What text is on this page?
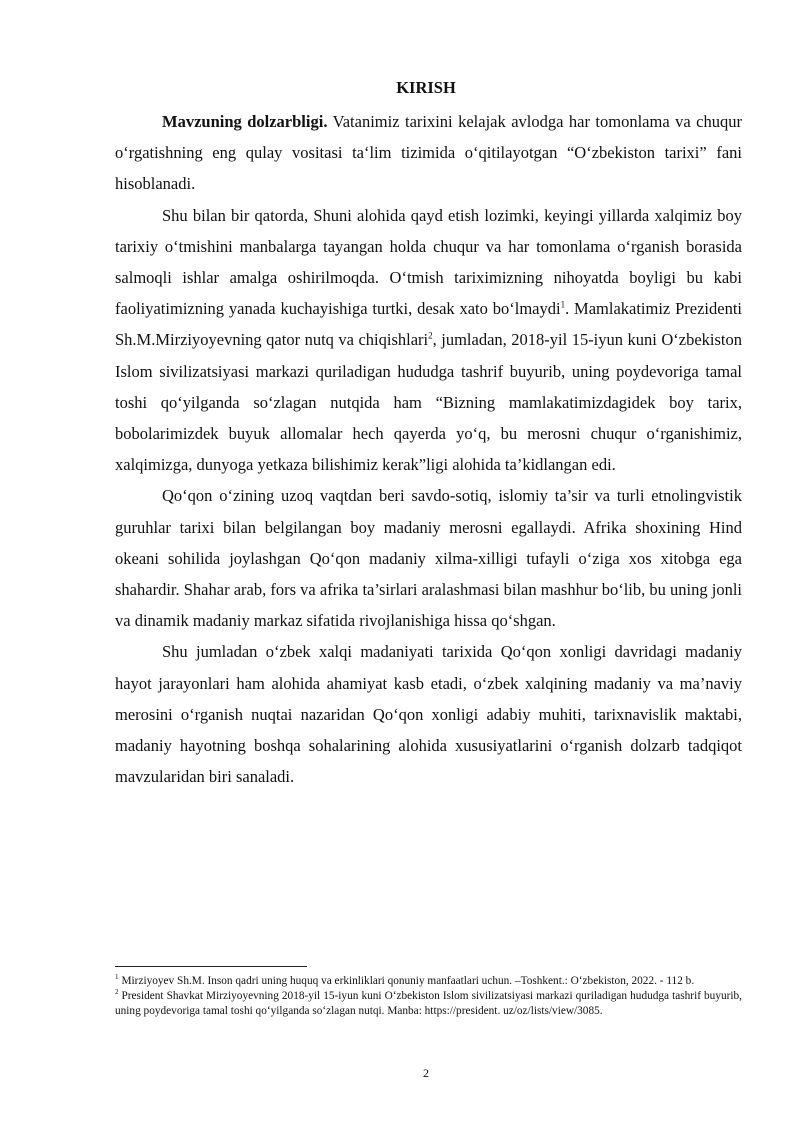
KIRISH

Mavzuning dolzarbligi. Vatanimiz tarixini kelajak avlodga har tomonlama va chuqur o‘rgatishning eng qulay vositasi ta‘lim tizimida o‘qitilayotgan “O‘zbekiston tarixi” fani hisoblanadi.

Shu bilan bir qatorda, Shuni alohida qayd etish lozimki, keyingi yillarda xalqimiz boy tarixiy o‘tmishini manbalarga tayangan holda chuqur va har tomonlama o‘rganish borasida salmoqli ishlar amalga oshirilmoqda. O‘tmish tariximizning nihoyatda boyligi bu kabi faoliyatimizning yanada kuchayishiga turtki, desak xato bo‘lmaydi$^1$. Mamlakatimiz Prezidenti Sh.M.Mirziyoyevning qator nutq va chiqishlari$^2$, jumladan, 2018-yil 15-iyun kuni O‘zbekiston Islom sivilizatsiyasi markazi quriladigan hududga tashrif buyurib, uning poydevoriga tamal toshi qo‘yilganda so‘zlagan nutqida ham “Bizning mamlakatimizdagidek boy tarix, bobolarimizdek buyuk allomalar hech qayerda yo‘q, bu merosni chuqur o‘rganishimiz, xalqimizga, dunyoga yetkaza bilishimiz kerak”ligi alohida ta’kidlangan edi.

Qo‘qon o‘zining uzoq vaqtdan beri savdo-sotiq, islomiy ta’sir va turli etnolingvistik guruhlar tarixi bilan belgilangan boy madaniy merosni egallaydi. Afrika shoxining Hind okeani sohilida joylashgan Qo‘qon madaniy xilma-xilligi tufayli o‘ziga xos xitobga ega shahardir. Shahar arab, fors va afrika ta’sirlari aralashmasi bilan mashhur bo‘lib, bu uning jonli va dinamik madaniy markaz sifatida rivojlanishiga hissa qo‘shgan.

Shu jumladan o‘zbek xalqi madaniyati tarixida Qo‘qon xonligi davridagi madaniy hayot jarayonlari ham alohida ahamiyat kasb etadi, o‘zbek xalqining madaniy va ma’naviy merosini o‘rganish nuqtai nazaridan Qo‘qon xonligi adabiy muhiti, tarixnavislik maktabi, madaniy hayotning boshqa sohalarining alohida xususiyatlarini o‘rganish dolzarb tadqiqot mavzularidan biri sanaladi.

$^1$ Mirziyoyev Sh.M. Inson qadri uning huquq va erkinliklari qonuniy manfaatlari uchun. –Toshkent.: O‘zbekiston, 2022. - 112 b.

$^2$ President Shavkat Mirziyoyevning 2018-yil 15-iyun kuni O‘zbekiston Islom sivilizatsiyasi markazi quriladigan hududga tashrif buyurib, uning poydevoriga tamal toshi qo‘yilganda so‘zlagan nutqi. Manba: https://president. uz/oz/lists/view/3085.

2
